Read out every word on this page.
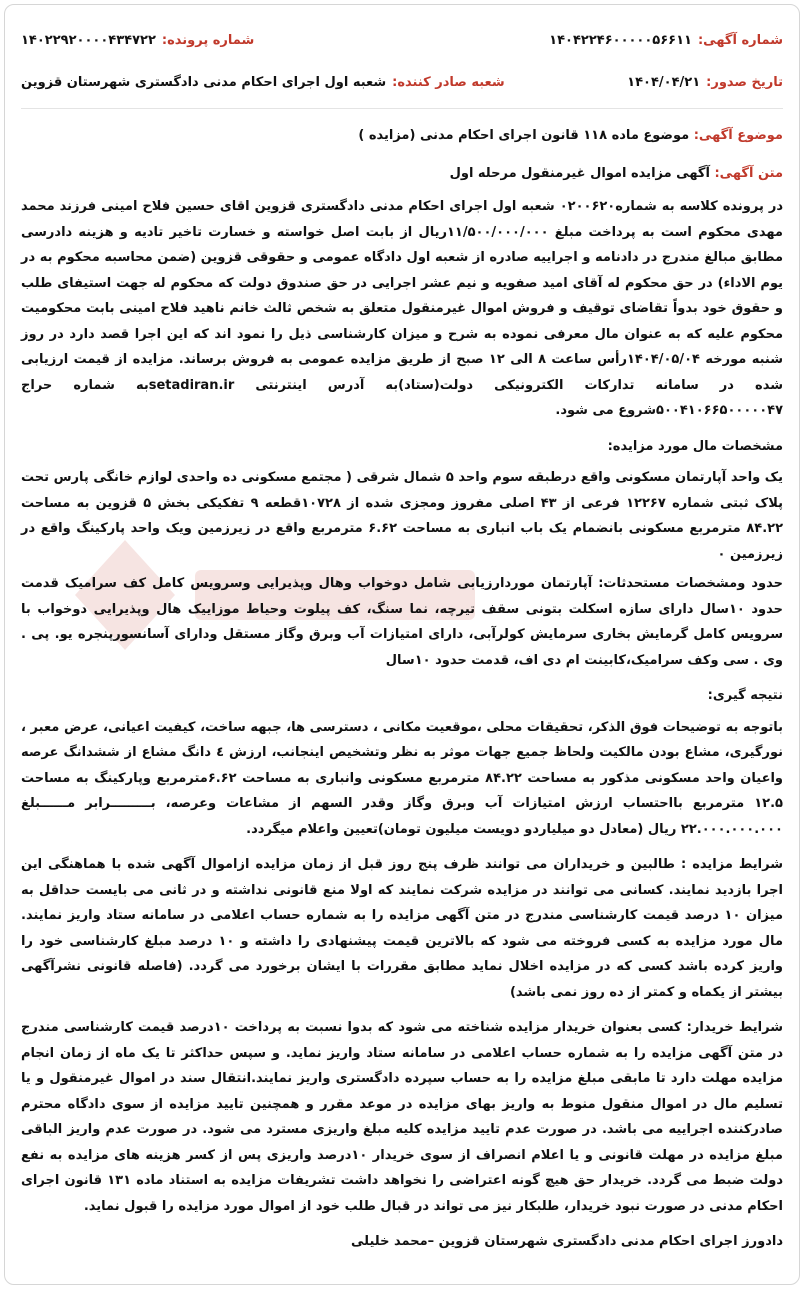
شماره آگهی:
۱۴۰۴۲۲۴۶۰۰۰۰۰۵۶۶۱۱
شماره پرونده:
۱۴۰۲۲۹۲۰۰۰۰۴۳۴۷۲۲
تاریخ صدور:
۱۴۰۴/۰۴/۲۱
شعبه صادر کننده:
شعبه اول اجرای احکام مدنی دادگستری شهرستان قزوین

موضوع آگهی: موضوع ماده ۱۱۸ قانون اجرای احکام مدنی (مزایده )

متن آگهی: آگهی مزایده اموال غیرمنقول مرحله اول

در پرونده کلاسه به شماره۰۲۰۰۶۲۰ شعبه اول اجرای احکام مدنی دادگستری قزوین اقای حسین فلاح امینی فرزند محمد مهدی محکوم است به پرداخت مبلغ ۱۱/۵۰۰/۰۰۰/۰۰۰ریال از بابت اصل خواسته و خسارت تاخیر تادیه و هزینه دادرسی مطابق مبالغ مندرج در دادنامه و اجراییه صادره از شعبه اول دادگاه عمومی و حقوقی قزوین (ضمن محاسبه محکوم به در یوم الاداء) در حق محکوم له آقای امید صفویه و نیم عشر اجرایی در حق صندوق دولت که محکوم له جهت استیفای طلب و حقوق خود بدواً تقاضای توقیف و فروش اموال غیرمنقول متعلق به شخص ثالث خانم ناهید فلاح امینی بابت محکومیت محکوم علیه که به عنوان مال معرفی نموده به شرح و میزان کارشناسی ذیل را نمود اند که این اجرا قصد دارد در روز شنبه مورخه ۱۴۰۴/۰۵/۰۴رأس ساعت ۸ الی ۱۲ صبح از طریق مزایده عمومی به فروش برساند. مزایده از قیمت ارزیابی شده در سامانه تدارکات الکترونیکی دولت(ستاد)به آدرس اینترنتی setadiran.irبه شماره حراج ۵۰۰۴۱۰۶۶۵۰۰۰۰۰۴۷شروع می شود.

مشخصات مال مورد مزایده:

یک واحد آپارتمان مسکونی واقع درطبقه سوم واحد ۵ شمال شرقی ( مجتمع مسکونی ده واحدی لوازم خانگی پارس تحت پلاک ثبتی شماره ۱۲۲۶۷ فرعی از ۴۳ اصلی مفروز ومجزی شده از ۱۰۷۲۸قطعه ۹ تفکیکی بخش ۵ قزوین به مساحت ۸۴.۲۲ مترمربع مسکونی بانضمام یک باب انباری به مساحت ۶.۶۲ مترمربع واقع در زیرزمین ویک واحد پارکینگ واقع در زیرزمین ۰

حدود ومشخصات مستحدثات: آپارتمان موردارزیابی شامل دوخواب وهال وپذیرایی وسرویس کامل کف سرامیک قدمت حدود ۱۰سال دارای سازه اسکلت بتونی سقف تیرچه، نما سنگ، کف پیلوت وحیاط موزاییک هال وپذیرایی دوخواب با سرویس کامل گرمایش بخاری سرمایش کولرآبی، دارای امتیازات آب وبرق وگاز مستقل ودارای آسانسورپنجره یو. پی . وی . سی وکف سرامیک،کابینت ام دی اف، قدمت حدود ۱۰سال

نتیجه گیری:

باتوجه به توضیحات فوق الذکر، تحقیقات محلی ،موقعیت مکانی ، دسترسی ها، جبهه ساخت، کیفیت اعیانی، عرض معبر ، نورگیری، مشاع بودن مالکیت ولحاظ جمیع جهات موثر به نظر وتشخیص اینجانب، ارزش ٤ دانگ مشاع از ششدانگ عرصه واعیان واحد مسکونی مذکور به مساحت ۸۴.۲۲ مترمربع مسکونی وانباری به مساحت ۶.۶۲مترمربع وپارکینگ به مساحت ۱۲.۵ مترمربع بااحتساب ارزش امتیازات آب وبرق وگاز وقدر السهم از مشاعات وعرصه، بـــــــــرابر مــــــبلغ ۲۲.۰۰۰.۰۰۰.۰۰۰ ریال (معادل دو میلیاردو دویست میلیون تومان)تعیین واعلام میگردد.

شرایط مزایده : طالبین و خریداران می توانند ظرف پنج روز قبل از زمان مزایده ازاموال آگهی شده با هماهنگی این اجرا بازدید نمایند. کسانی می توانند در مزایده شرکت نمایند که اولا منع قانونی نداشته و در ثانی می بایست حداقل به میزان ۱۰ درصد قیمت کارشناسی مندرج در متن آگهی مزایده را به شماره حساب اعلامی در سامانه ستاد واریز نمایند. مال مورد مزایده به کسی فروخته می شود که بالاترین قیمت پیشنهادی را داشته و ۱۰ درصد مبلغ کارشناسی خود را واریز کرده باشد کسی که در مزایده اخلال نماید مطابق مقررات با ایشان برخورد می گردد. (فاصله قانونی نشرآگهی بیشتر از یکماه و کمتر از ده روز نمی باشد)

شرایط خریدار: کسی بعنوان خریدار مزایده شناخته می شود که بدوا نسبت به پرداخت ۱۰درصد قیمت کارشناسی مندرج در متن آگهی مزایده را به شماره حساب اعلامی در سامانه ستاد واریز نماید. و سپس حداکثر تا یک ماه از زمان انجام مزایده مهلت دارد تا مابقی مبلغ مزایده را به حساب سپرده دادگستری واریز نمایند.انتقال سند در اموال غیرمنقول و یا تسلیم مال در اموال منقول منوط به واریز بهای مزایده در موعد مقرر و همچنین تایید مزایده از سوی دادگاه محترم صادرکننده اجراییه می باشد. در صورت عدم تایید مزایده کلیه مبلغ واریزی مسترد می شود. در صورت عدم واریز الباقی مبلغ مزایده در مهلت قانونی و یا اعلام انصراف از سوی خریدار ۱۰درصد واریزی پس از کسر هزینه های مزایده به نفع دولت ضبط می گردد. خریدار حق هیچ گونه اعتراضی را نخواهد داشت تشریفات مزایده به استناد ماده ۱۳۱ قانون اجرای احکام مدنی در صورت نبود خریدار، طلبکار نیز می تواند در قبال طلب خود از اموال مورد مزایده را قبول نماید.

دادورز اجرای احکام مدنی دادگستری شهرستان قزوین –محمد خلیلی
